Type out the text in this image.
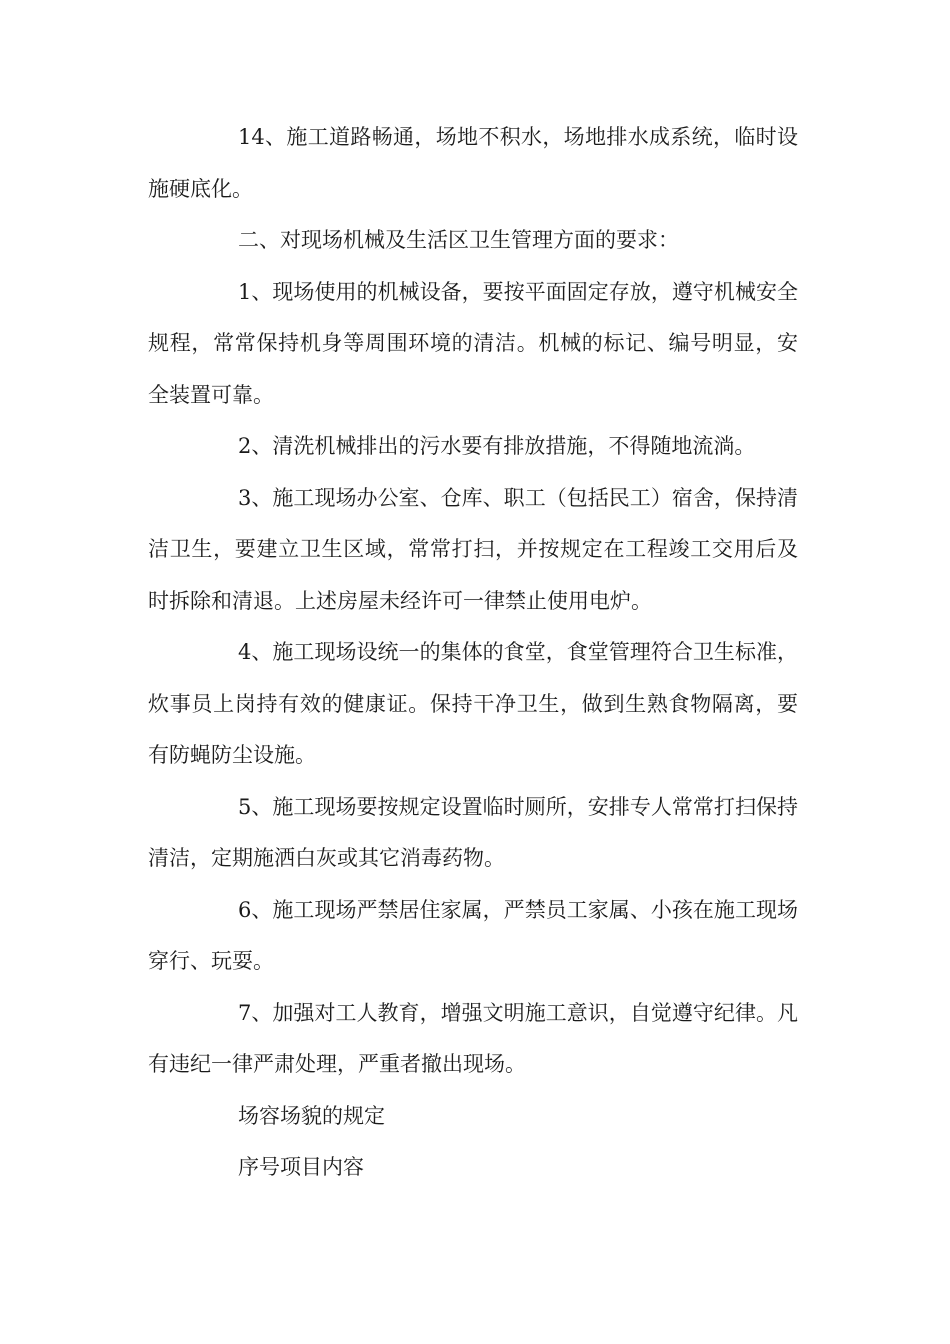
14、施工道路畅通，场地不积水，场地排水成系统，临时设施硬底化。

二、对现场机械及生活区卫生管理方面的要求：

1、现场使用的机械设备，要按平面固定存放，遵守机械安全规程，常常保持机身等周围环境的清洁。机械的标记、编号明显，安全装置可靠。

2、清洗机械排出的污水要有排放措施，不得随地流淌。

3、施工现场办公室、仓库、职工（包括民工）宿舍，保持清洁卫生，要建立卫生区域，常常打扫，并按规定在工程竣工交用后及时拆除和清退。上述房屋未经许可一律禁止使用电炉。

4、施工现场设统一的集体的食堂，食堂管理符合卫生标准，炊事员上岗持有效的健康证。保持干净卫生，做到生熟食物隔离，要有防蝇防尘设施。

5、施工现场要按规定设置临时厕所，安排专人常常打扫保持清洁，定期施洒白灰或其它消毒药物。

6、施工现场严禁居住家属，严禁员工家属、小孩在施工现场穿行、玩耍。

7、加强对工人教育，增强文明施工意识，自觉遵守纪律。凡有违纪一律严肃处理，严重者撤出现场。

场容场貌的规定

序号项目内容
